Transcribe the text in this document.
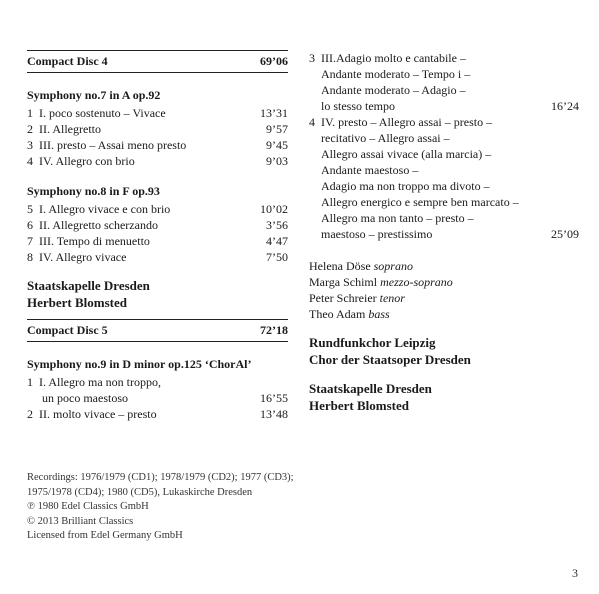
Compact Disc 4	69’06
Symphony no.7 in A op.92
1 I. poco sostenuto – Vivace	13’31
2 II. Allegretto	9’57
3 III. presto – Assai meno presto	9’45
4 IV. Allegro con brio	9’03
Symphony no.8 in F op.93
5 I. Allegro vivace e con brio	10’02
6 II. Allegretto scherzando	3’56
7 III. Tempo di menuetto	4’47
8 IV. Allegro vivace	7’50
Staatskapelle Dresden
Herbert Blomsted
Compact Disc 5	72’18
Symphony no.9 in D minor op.125 ‘ChorAl’
1 I. Allegro ma non troppo,
un poco maestoso	16’55
2 II. molto vivace – presto	13’48
3 III.Adagio molto e cantabile –
Andante moderato – Tempo i –
Andante moderato – Adagio –
lo stesso tempo	16’24
4 IV. presto – Allegro assai – presto –
recitativo – Allegro assai –
Allegro assai vivace (alla marcia) –
Andante maestoso –
Adagio ma non troppo ma divoto –
Allegro energico e sempre ben marcato –
Allegro ma non tanto – presto –
maestoso – prestissimo	25’09
Helena Döse soprano
Marga Schiml mezzo-soprano
Peter Schreier tenor
Theo Adam bass
Rundfunkchor Leipzig
Chor der Staatsoper Dresden
Staatskapelle Dresden
Herbert Blomsted
Recordings: 1976/1979 (CD1); 1978/1979 (CD2); 1977 (CD3);
1975/1978 (CD4); 1980 (CD5), Lukaskirche Dresden
℗ 1980 Edel Classics GmbH
© 2013 Brilliant Classics
Licensed from Edel Germany GmbH
3
